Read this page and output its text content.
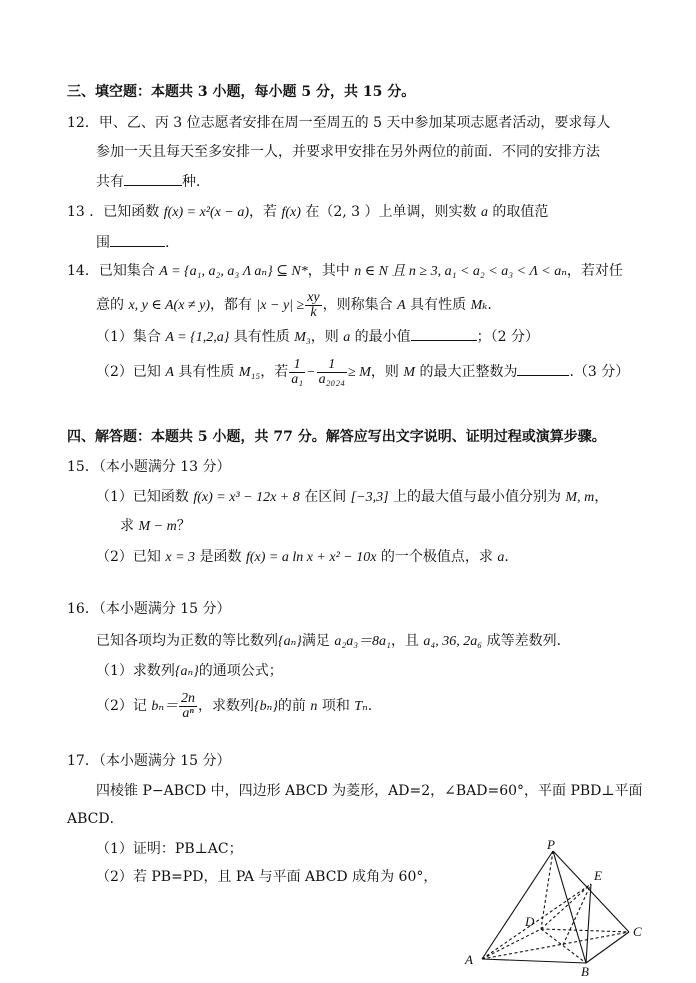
三、填空题：本题共 3 小题，每小题 5 分，共 15 分。
12．甲、乙、丙 3 位志愿者安排在周一至周五的 5 天中参加某项志愿者活动，要求每人
参加一天且每天至多安排一人，并要求甲安排在另外两位的前面．不同的安排方法
共有	种．
13 ．已知函数 f(x) = x²(x − a)，若 f(x) 在（2, 3 ）上单调，则实数 a 的取值范
围	.
14．已知集合 A = {a₁, a₂, a₃ Λ aₙ} ⊆ N*，其中 n ∈ N 且 n ≥ 3, a₁ < a₂ < a₃ < Λ < aₙ，若对任
意的 x, y ∈ A(x ≠ y)，都有 $|x - y| \ge \frac{xy}{k}$ ，则称集合 A 具有性质 Mₖ.
（1）集合 A = {1,2,a} 具有性质 M₃，则 a 的最小值	；（2 分）
（2）已知 A 具有性质 M₁₅，若 $\frac{1}{\text{a₁}} - \frac{1}{\text{a₂₀₂₄}} \ge M$，则 M 的最大正整数为	.（3 分）
四、解答题：本题共 5 小题，共 77 分。解答应写出文字说明、证明过程或演算步骤。
15．（本小题满分 13 分）
（1）已知函数 f(x) = x³ − 12x + 8 在区间 [−3,3] 上的最大值与最小值分别为 M, m，
求 M − m？
（2）已知 x = 3 是函数 f(x) = a ln x + x² − 10x 的一个极值点，求 a.
16．（本小题满分 15 分）
已知各项均为正数的等比数列{aₙ}满足 a₂a₃＝8a₁，且 a₄, 36, 2a₆ 成等差数列．
（1）求数列{aₙ}的通项公式；
（2）记 $b_n= \frac{2n}{\text{aⁿ}}$ ，求数列{bₙ}的前 n 项和 Tₙ.
17．（本小题满分 15 分）
四棱锥 P−ABCD 中，四边形 ABCD 为菱形，AD=2，∠BAD=60°，平面 PBD⊥平面
ABCD．
（1）证明：PB⊥AC；
（2）若 PB=PD，且 PA 与平面 ABCD 成角为 60°，
P
E
D
C
A
B
